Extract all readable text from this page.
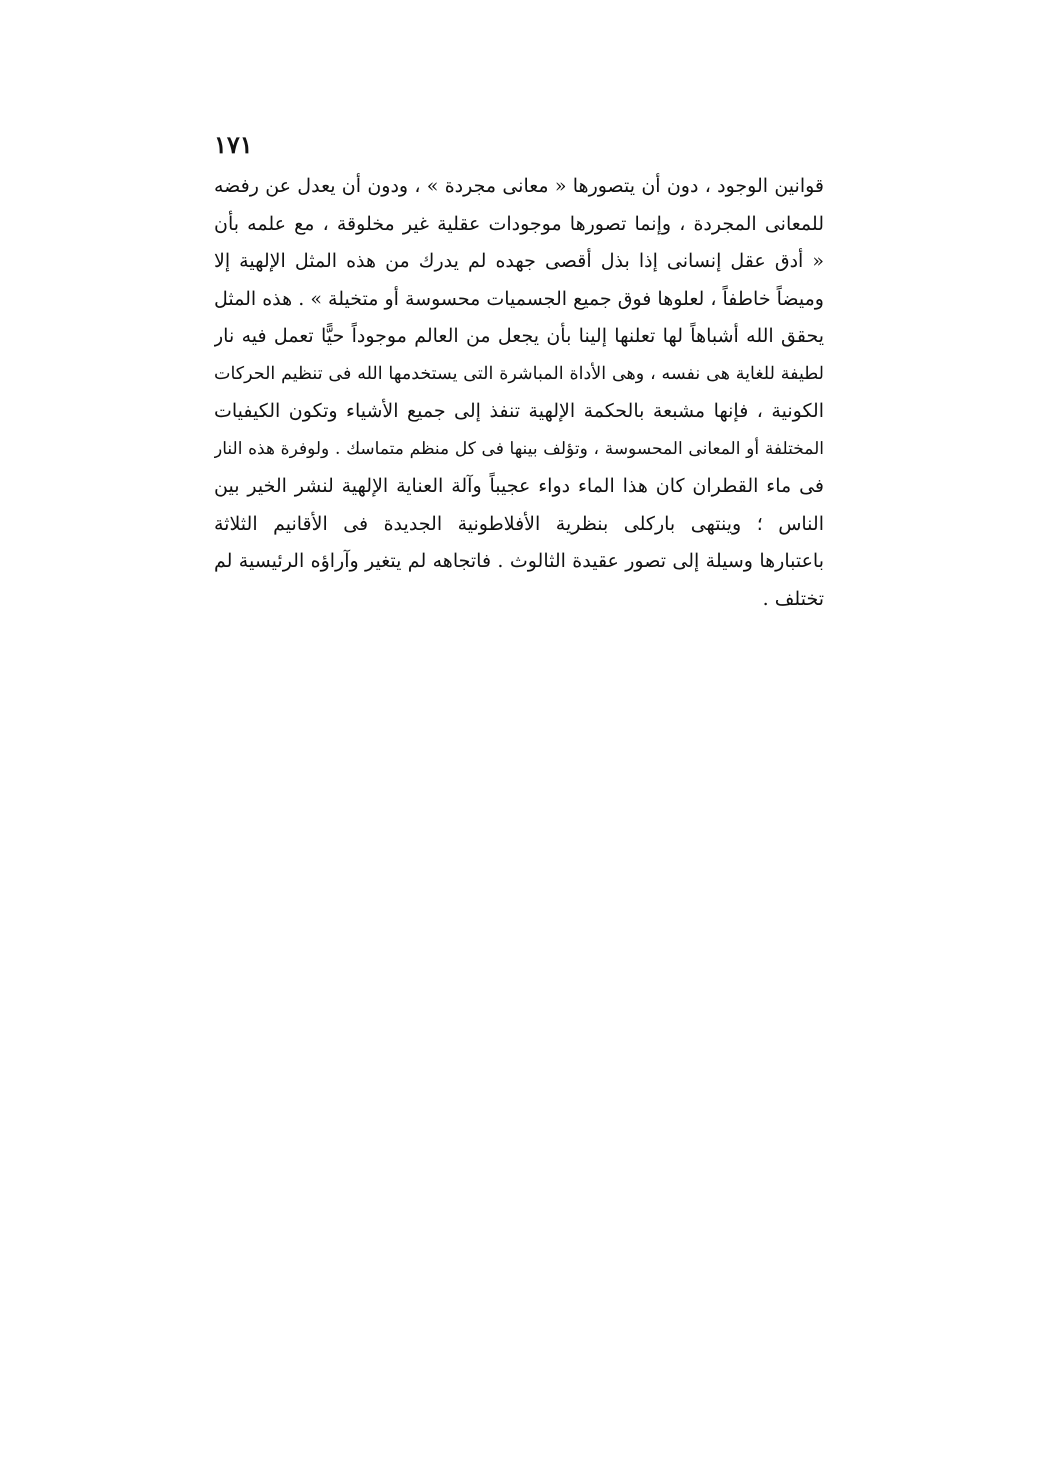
١٧١
قوانين الوجود ، دون أن يتصورها « معانى مجردة » ، ودون أن يعدل عن رفضه
للمعانى المجردة ، وإنما تصورها موجودات عقلية غير مخلوقة ، مع علمه بأن
« أدق عقل إنسانى إذا بذل أقصى جهده لم يدرك من هذه المثل الإلهية إلا
وميضاً خاطفاً ، لعلوها فوق جميع الجسميات محسوسة أو متخيلة » . هذه المثل
يحقق الله أشباهاً لها تعلنها إلينا بأن يجعل من العالم موجوداً حيًّا تعمل فيه نار
لطيفة للغاية هى نفسه ، وهى الأداة المباشرة التى يستخدمها الله فى تنظيم الحركات
الكونية ، فإنها مشبعة بالحكمة الإلهية تنفذ إلى جميع الأشياء وتكون الكيفيات
المختلفة أو المعانى المحسوسة ، وتؤلف بينها فى كل منظم متماسك . ولوفرة هذه النار
فى ماء القطران كان هذا الماء دواء عجيباً وآلة العناية الإلهية لنشر الخير بين
الناس ؛ وينتهى باركلى بنظرية الأفلاطونية الجديدة فى الأقانيم الثلاثة
باعتبارها وسيلة إلى تصور عقيدة الثالوث . فاتجاهه لم يتغير وآراؤه الرئيسية لم
تختلف .
